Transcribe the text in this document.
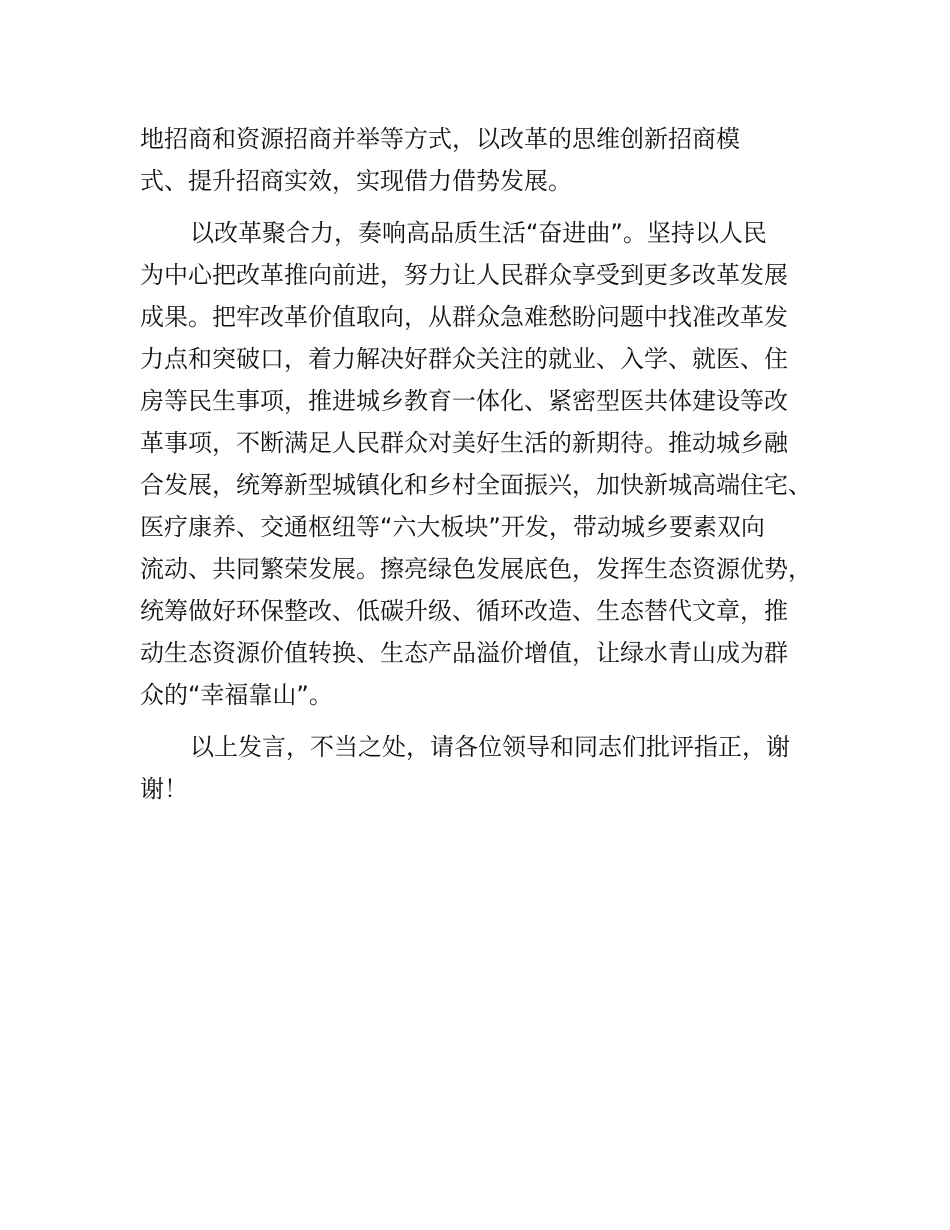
地招商和资源招商并举等方式，以改革的思维创新招商模
式、提升招商实效，实现借力借势发展。
以改革聚合力，奏响高品质生活“奋进曲”。坚持以人民
为中心把改革推向前进，努力让人民群众享受到更多改革发展
成果。把牢改革价值取向，从群众急难愁盼问题中找准改革发
力点和突破口，着力解决好群众关注的就业、入学、就医、住
房等民生事项，推进城乡教育一体化、紧密型医共体建设等改
革事项，不断满足人民群众对美好生活的新期待。推动城乡融
合发展，统筹新型城镇化和乡村全面振兴，加快新城高端住宅、
医疗康养、交通枢纽等“六大板块”开发，带动城乡要素双向
流动、共同繁荣发展。擦亮绿色发展底色，发挥生态资源优势，
统筹做好环保整改、低碳升级、循环改造、生态替代文章，推
动生态资源价值转换、生态产品溢价增值，让绿水青山成为群
众的“幸福靠山”。
以上发言，不当之处，请各位领导和同志们批评指正，谢
谢！
